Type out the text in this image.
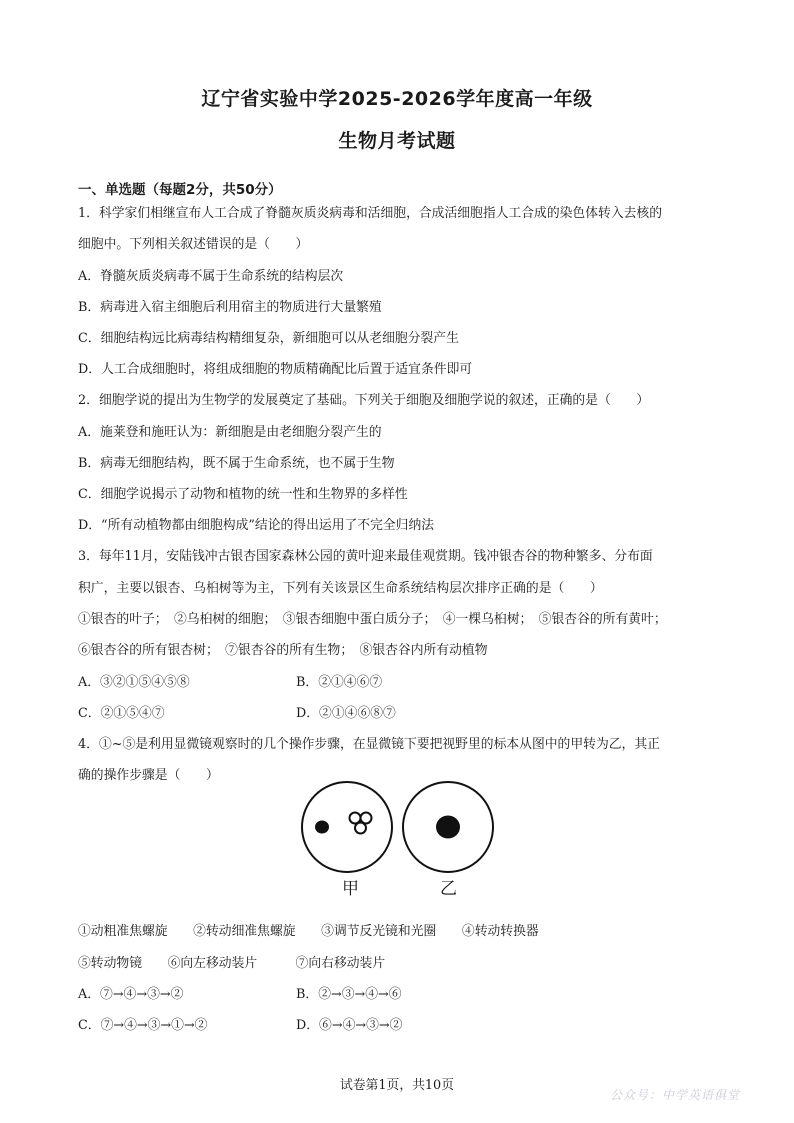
辽宁省实验中学2025-2026学年度高一年级
生物月考试题
一、单选题（每题2分，共50分）
1．科学家们相继宣布人工合成了脊髓灰质炎病毒和活细胞，合成活细胞指人工合成的染色体转入去核的
细胞中。下列相关叙述错误的是（　　）
A．脊髓灰质炎病毒不属于生命系统的结构层次
B．病毒进入宿主细胞后利用宿主的物质进行大量繁殖
C．细胞结构远比病毒结构精细复杂，新细胞可以从老细胞分裂产生
D．人工合成细胞时，将组成细胞的物质精确配比后置于适宜条件即可
2．细胞学说的提出为生物学的发展奠定了基础。下列关于细胞及细胞学说的叙述，正确的是（　　）
A．施莱登和施旺认为：新细胞是由老细胞分裂产生的
B．病毒无细胞结构，既不属于生命系统，也不属于生物
C．细胞学说揭示了动物和植物的统一性和生物界的多样性
D．“所有动植物都由细胞构成”结论的得出运用了不完全归纳法
3．每年11月，安陆钱冲古银杏国家森林公园的黄叶迎来最佳观赏期。钱冲银杏谷的物种繁多、分布面
积广，主要以银杏、乌桕树等为主，下列有关该景区生命系统结构层次排序正确的是（　　）
①银杏的叶子；　②乌桕树的细胞；　③银杏细胞中蛋白质分子；　④一棵乌桕树；　⑤银杏谷的所有黄叶；
⑥银杏谷的所有银杏树；　⑦银杏谷的所有生物；　⑧银杏谷内所有动植物
A．③②①⑤④⑤⑧	B．②①④⑥⑦
C．②①⑤④⑦	D．②①④⑥⑧⑦
4．①~⑤是利用显微镜观察时的几个操作步骤，在显微镜下要把视野里的标本从图中的甲转为乙，其正
确的操作步骤是（　　）
甲	乙
①动粗准焦螺旋　　②转动细准焦螺旋　　③调节反光镜和光圈　　④转动转换器
⑤转动物镜　　⑥向左移动装片　　　⑦向右移动装片
A．⑦→④→③→②	B．②→③→④→⑥
C．⑦→④→③→①→②	D．⑥→④→③→②
试卷第1页，共10页
公众号：中学英语俱堂
